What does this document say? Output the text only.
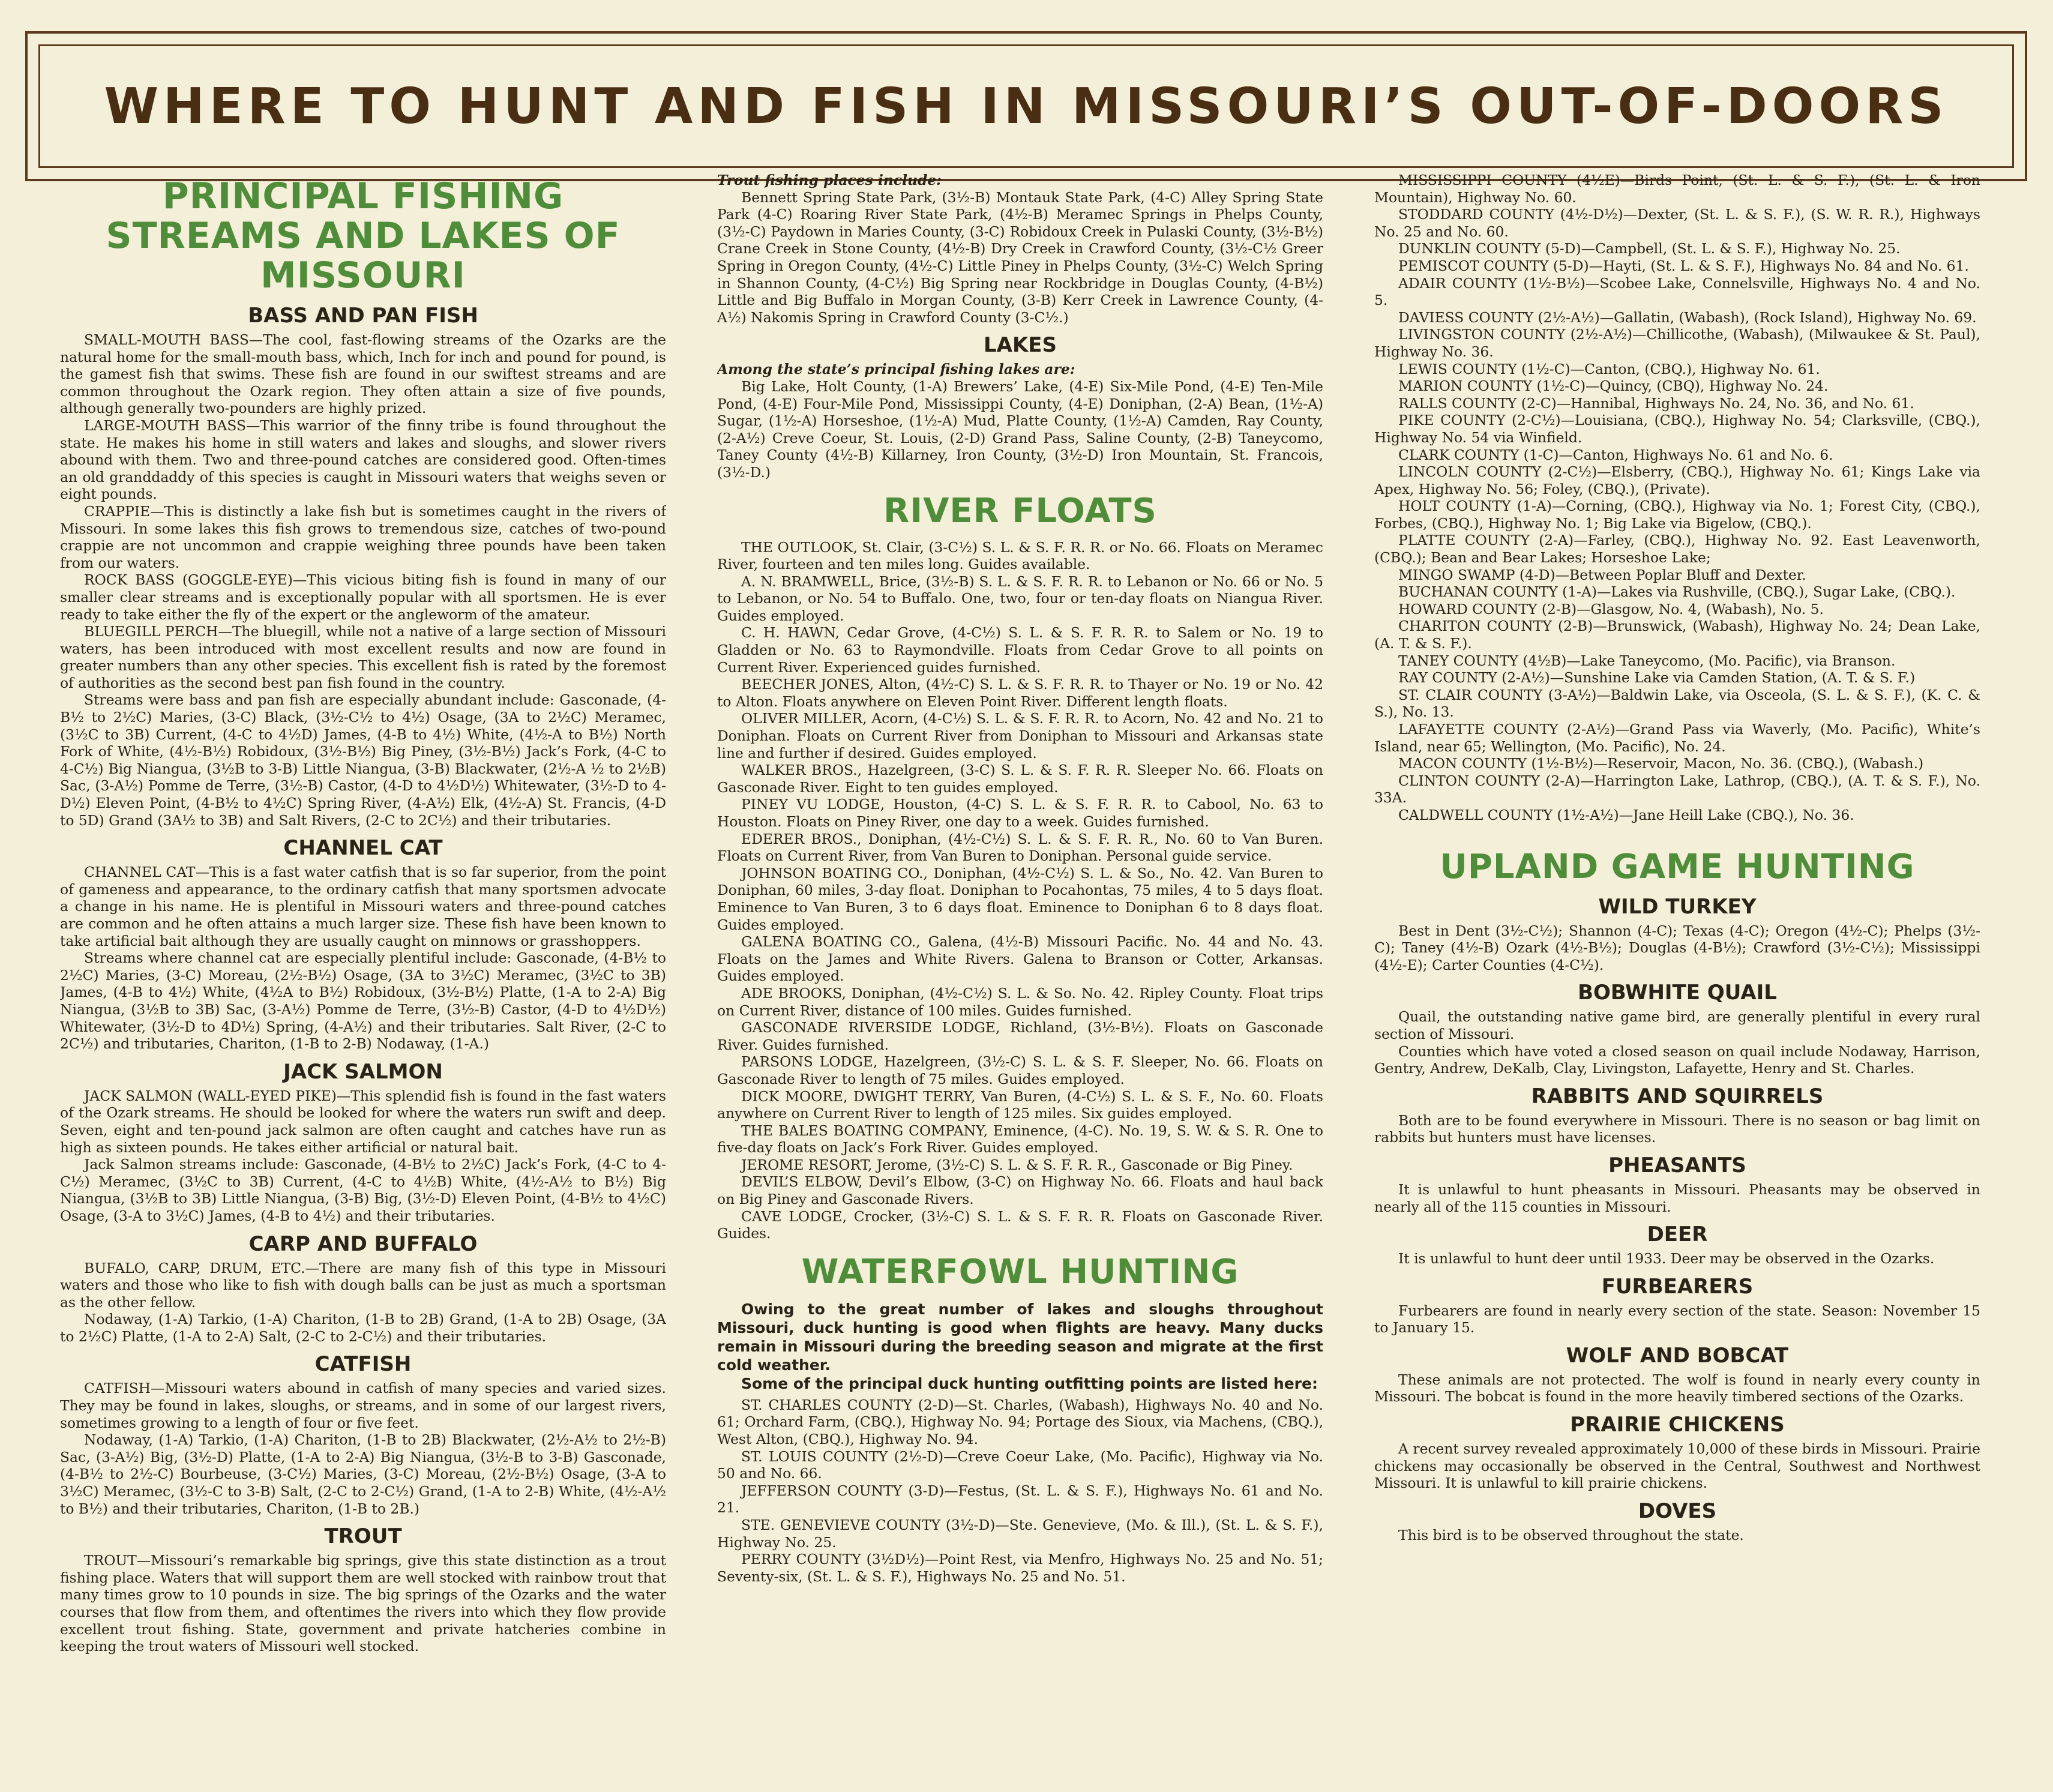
WHERE TO HUNT AND FISH IN MISSOURI’S OUT-OF-DOORS
PRINCIPAL FISHING STREAMS AND LAKES OF MISSOURI
BASS AND PAN FISH

SMALL-MOUTH BASS—The cool, fast-flowing streams of the Ozarks are the natural home for the small-mouth bass, which, Inch for inch and pound for pound, is the gamest fish that swims. These fish are found in our swiftest streams and are common throughout the Ozark region. They often attain a size of five pounds, although generally two-pounders are highly prized.

LARGE-MOUTH BASS—This warrior of the finny tribe is found throughout the state. He makes his home in still waters and lakes and sloughs, and slower rivers abound with them. Two and three-pound catches are considered good. Often-times an old granddaddy of this species is caught in Missouri waters that weighs seven or eight pounds.

CRAPPIE—This is distinctly a lake fish but is sometimes caught in the rivers of Missouri. In some lakes this fish grows to tremendous size, catches of two-pound crappie are not uncommon and crappie weighing three pounds have been taken from our waters.

ROCK BASS (GOGGLE-EYE)—This vicious biting fish is found in many of our smaller clear streams and is exceptionally popular with all sportsmen. He is ever ready to take either the fly of the expert or the angleworm of the amateur.

BLUEGILL PERCH—The bluegill, while not a native of a large section of Missouri waters, has been introduced with most excellent results and now are found in greater numbers than any other species. This excellent fish is rated by the foremost of authorities as the second best pan fish found in the country.

Streams were bass and pan fish are especially abundant include: Gasconade, (4-B½ to 2½C) Maries, (3-C) Black, (3½-C½ to 4½) Osage, (3A to 2½C) Meramec, (3½C to 3B) Current, (4-C to 4½D) James, (4-B to 4½) White, (4½-A to B½) North Fork of White, (4½-B½) Robidoux, (3½-B½) Big Piney, (3½-B½) Jack’s Fork, (4-C to 4-C½) Big Niangua, (3½B to 3-B) Little Niangua, (3-B) Blackwater, (2½-A ½ to 2½B) Sac, (3-A½) Pomme de Terre, (3½-B) Castor, (4-D to 4½D½) Whitewater, (3½-D to 4-D½) Eleven Point, (4-B½ to 4½C) Spring River, (4-A½) Elk, (4½-A) St. Francis, (4-D to 5D) Grand (3A½ to 3B) and Salt Rivers, (2-C to 2C½) and their tributaries.

CHANNEL CAT

CHANNEL CAT—This is a fast water catfish that is so far superior, from the point of gameness and appearance, to the ordinary catfish that many sportsmen advocate a change in his name. He is plentiful in Missouri waters and three-pound catches are common and he often attains a much larger size. These fish have been known to take artificial bait although they are usually caught on minnows or grasshoppers.

Streams where channel cat are especially plentiful include: Gasconade, (4-B½ to 2½C) Maries, (3-C) Moreau, (2½-B½) Osage, (3A to 3½C) Meramec, (3½C to 3B) James, (4-B to 4½) White, (4½A to B½) Robidoux, (3½-B½) Platte, (1-A to 2-A) Big Niangua, (3½B to 3B) Sac, (3-A½) Pomme de Terre, (3½-B) Castor, (4-D to 4½D½) Whitewater, (3½-D to 4D½) Spring, (4-A½) and their tributaries. Salt River, (2-C to 2C½) and tributaries, Chariton, (1-B to 2-B) Nodaway, (1-A.)

JACK SALMON

JACK SALMON (WALL-EYED PIKE)—This splendid fish is found in the fast waters of the Ozark streams. He should be looked for where the waters run swift and deep. Seven, eight and ten-pound jack salmon are often caught and catches have run as high as sixteen pounds. He takes either artificial or natural bait.

Jack Salmon streams include: Gasconade, (4-B½ to 2½C) Jack’s Fork, (4-C to 4-C½) Meramec, (3½C to 3B) Current, (4-C to 4½B) White, (4½-A½ to B½) Big Niangua, (3½B to 3B) Little Niangua, (3-B) Big, (3½-D) Eleven Point, (4-B½ to 4½C) Osage, (3-A to 3½C) James, (4-B to 4½) and their tributaries.

CARP AND BUFFALO

BUFALO, CARP, DRUM, ETC.—There are many fish of this type in Missouri waters and those who like to fish with dough balls can be just as much a sportsman as the other fellow.

Nodaway, (1-A) Tarkio, (1-A) Chariton, (1-B to 2B) Grand, (1-A to 2B) Osage, (3A to 2½C) Platte, (1-A to 2-A) Salt, (2-C to 2-C½) and their tributaries.

CATFISH

CATFISH—Missouri waters abound in catfish of many species and varied sizes. They may be found in lakes, sloughs, or streams, and in some of our largest rivers, sometimes growing to a length of four or five feet.

Nodaway, (1-A) Tarkio, (1-A) Chariton, (1-B to 2B) Blackwater, (2½-A½ to 2½-B) Sac, (3-A½) Big, (3½-D) Platte, (1-A to 2-A) Big Niangua, (3½-B to 3-B) Gasconade, (4-B½ to 2½-C) Bourbeuse, (3-C½) Maries, (3-C) Moreau, (2½-B½) Osage, (3-A to 3½C) Meramec, (3½-C to 3-B) Salt, (2-C to 2-C½) Grand, (1-A to 2-B) White, (4½-A½ to B½) and their tributaries, Chariton, (1-B to 2B.)

TROUT

TROUT—Missouri’s remarkable big springs, give this state distinction as a trout fishing place. Waters that will support them are well stocked with rainbow trout that many times grow to 10 pounds in size. The big springs of the Ozarks and the water courses that flow from them, and oftentimes the rivers into which they flow provide excellent trout fishing. State, government and private hatcheries combine in keeping the trout waters of Missouri well stocked.

Trout fishing places include:

Bennett Spring State Park, (3½-B) Montauk State Park, (4-C) Alley Spring State Park (4-C) Roaring River State Park, (4½-B) Meramec Springs in Phelps County, (3½-C) Paydown in Maries County, (3-C) Robidoux Creek in Pulaski County, (3½-B½) Crane Creek in Stone County, (4½-B) Dry Creek in Crawford County, (3½-C½ Greer Spring in Oregon County, (4½-C) Little Piney in Phelps County, (3½-C) Welch Spring in Shannon County, (4-C½) Big Spring near Rockbridge in Douglas County, (4-B½) Little and Big Buffalo in Morgan County, (3-B) Kerr Creek in Lawrence County, (4-A½) Nakomis Spring in Crawford County (3-C½.)

LAKES

Among the state’s principal fishing lakes are:

Big Lake, Holt County, (1-A) Brewers’ Lake, (4-E) Six-Mile Pond, (4-E) Ten-Mile Pond, (4-E) Four-Mile Pond, Mississippi County, (4-E) Doniphan, (2-A) Bean, (1½-A) Sugar, (1½-A) Horseshoe, (1½-A) Mud, Platte County, (1½-A) Camden, Ray County, (2-A½) Creve Coeur, St. Louis, (2-D) Grand Pass, Saline County, (2-B) Taneycomo, Taney County (4½-B) Killarney, Iron County, (3½-D) Iron Mountain, St. Francois, (3½-D.)

RIVER FLOATS

THE OUTLOOK, St. Clair, (3-C½) S. L. & S. F. R. R. or No. 66. Floats on Meramec River, fourteen and ten miles long. Guides available.

A. N. BRAMWELL, Brice, (3½-B) S. L. & S. F. R. R. to Lebanon or No. 66 or No. 5 to Lebanon, or No. 54 to Buffalo. One, two, four or ten-day floats on Niangua River. Guides employed.

C. H. HAWN, Cedar Grove, (4-C½) S. L. & S. F. R. R. to Salem or No. 19 to Gladden or No. 63 to Raymondville. Floats from Cedar Grove to all points on Current River. Experienced guides furnished.

BEECHER JONES, Alton, (4½-C) S. L. & S. F. R. R. to Thayer or No. 19 or No. 42 to Alton. Floats anywhere on Eleven Point River. Different length floats.

OLIVER MILLER, Acorn, (4-C½) S. L. & S. F. R. R. to Acorn, No. 42 and No. 21 to Doniphan. Floats on Current River from Doniphan to Missouri and Arkansas state line and further if desired. Guides employed.

WALKER BROS., Hazelgreen, (3-C) S. L. & S. F. R. R. Sleeper No. 66. Floats on Gasconade River. Eight to ten guides employed.

PINEY VU LODGE, Houston, (4-C) S. L. & S. F. R. R. to Cabool, No. 63 to Houston. Floats on Piney River, one day to a week. Guides furnished.

EDERER BROS., Doniphan, (4½-C½) S. L. & S. F. R. R., No. 60 to Van Buren. Floats on Current River, from Van Buren to Doniphan. Personal guide service.

JOHNSON BOATING CO., Doniphan, (4½-C½) S. L. & So., No. 42. Van Buren to Doniphan, 60 miles, 3-day float. Doniphan to Pocahontas, 75 miles, 4 to 5 days float. Eminence to Van Buren, 3 to 6 days float. Eminence to Doniphan 6 to 8 days float. Guides employed.

GALENA BOATING CO., Galena, (4½-B) Missouri Pacific. No. 44 and No. 43. Floats on the James and White Rivers. Galena to Branson or Cotter, Arkansas. Guides employed.

ADE BROOKS, Doniphan, (4½-C½) S. L. & So. No. 42. Ripley County. Float trips on Current River, distance of 100 miles. Guides furnished.

GASCONADE RIVERSIDE LODGE, Richland, (3½-B½). Floats on Gasconade River. Guides furnished.

PARSONS LODGE, Hazelgreen, (3½-C) S. L. & S. F. Sleeper, No. 66. Floats on Gasconade River to length of 75 miles. Guides employed.

DICK MOORE, DWIGHT TERRY, Van Buren, (4-C½) S. L. & S. F., No. 60. Floats anywhere on Current River to length of 125 miles. Six guides employed.

THE BALES BOATING COMPANY, Eminence, (4-C). No. 19, S. W. & S. R. One to five-day floats on Jack’s Fork River. Guides employed.

JEROME RESORT, Jerome, (3½-C) S. L. & S. F. R. R., Gasconade or Big Piney.

DEVIL’S ELBOW, Devil’s Elbow, (3-C) on Highway No. 66. Floats and haul back on Big Piney and Gasconade Rivers.

CAVE LODGE, Crocker, (3½-C) S. L. & S. F. R. R. Floats on Gasconade River. Guides.

WATERFOWL HUNTING

Owing to the great number of lakes and sloughs throughout Missouri, duck hunting is good when flights are heavy. Many ducks remain in Missouri during the breeding season and migrate at the first cold weather.

Some of the principal duck hunting outfitting points are listed here:

ST. CHARLES COUNTY (2-D)—St. Charles, (Wabash), Highways No. 40 and No. 61; Orchard Farm, (CBQ.), Highway No. 94; Portage des Sioux, via Machens, (CBQ.), West Alton, (CBQ.), Highway No. 94.

ST. LOUIS COUNTY (2½-D)—Creve Coeur Lake, (Mo. Pacific), Highway via No. 50 and No. 66.

JEFFERSON COUNTY (3-D)—Festus, (St. L. & S. F.), Highways No. 61 and No. 21.

STE. GENEVIEVE COUNTY (3½-D)—Ste. Genevieve, (Mo. & Ill.), (St. L. & S. F.), Highway No. 25.

PERRY COUNTY (3½D½)—Point Rest, via Menfro, Highways No. 25 and No. 51; Seventy-six, (St. L. & S. F.), Highways No. 25 and No. 51.

MISSISSIPPI COUNTY (4½E)—Birds Point, (St. L. & S. F.), (St. L. & Iron Mountain), Highway No. 60.

STODDARD COUNTY (4½-D½)—Dexter, (St. L. & S. F.), (S. W. R. R.), Highways No. 25 and No. 60.

DUNKLIN COUNTY (5-D)—Campbell, (St. L. & S. F.), Highway No. 25.

PEMISCOT COUNTY (5-D)—Hayti, (St. L. & S. F.), Highways No. 84 and No. 61.

ADAIR COUNTY (1½-B½)—Scobee Lake, Connelsville, Highways No. 4 and No. 5.

DAVIESS COUNTY (2½-A½)—Gallatin, (Wabash), (Rock Island), Highway No. 69.

LIVINGSTON COUNTY (2½-A½)—Chillicothe, (Wabash), (Milwaukee & St. Paul), Highway No. 36.

LEWIS COUNTY (1½-C)—Canton, (CBQ.), Highway No. 61.

MARION COUNTY (1½-C)—Quincy, (CBQ), Highway No. 24.

RALLS COUNTY (2-C)—Hannibal, Highways No. 24, No. 36, and No. 61.

PIKE COUNTY (2-C½)—Louisiana, (CBQ.), Highway No. 54; Clarksville, (CBQ.), Highway No. 54 via Winfield.

CLARK COUNTY (1-C)—Canton, Highways No. 61 and No. 6.

LINCOLN COUNTY (2-C½)—Elsberry, (CBQ.), Highway No. 61; Kings Lake via Apex, Highway No. 56; Foley, (CBQ.), (Private).

HOLT COUNTY (1-A)—Corning, (CBQ.), Highway via No. 1; Forest City, (CBQ.), Forbes, (CBQ.), Highway No. 1; Big Lake via Bigelow, (CBQ.).

PLATTE COUNTY (2-A)—Farley, (CBQ.), Highway No. 92. East Leavenworth, (CBQ.); Bean and Bear Lakes; Horseshoe Lake;

MINGO SWAMP (4-D)—Between Poplar Bluff and Dexter.

BUCHANAN COUNTY (1-A)—Lakes via Rushville, (CBQ.), Sugar Lake, (CBQ.).

HOWARD COUNTY (2-B)—Glasgow, No. 4, (Wabash), No. 5.

CHARITON COUNTY (2-B)—Brunswick, (Wabash), Highway No. 24; Dean Lake, (A. T. & S. F.).

TANEY COUNTY (4½B)—Lake Taneycomo, (Mo. Pacific), via Branson.

RAY COUNTY (2-A½)—Sunshine Lake via Camden Station, (A. T. & S. F.)

ST. CLAIR COUNTY (3-A½)—Baldwin Lake, via Osceola, (S. L. & S. F.), (K. C. & S.), No. 13.

LAFAYETTE COUNTY (2-A½)—Grand Pass via Waverly, (Mo. Pacific), White’s Island, near 65; Wellington, (Mo. Pacific), No. 24.

MACON COUNTY (1½-B½)—Reservoir, Macon, No. 36. (CBQ.), (Wabash.)

CLINTON COUNTY (2-A)—Harrington Lake, Lathrop, (CBQ.), (A. T. & S. F.), No. 33A.

CALDWELL COUNTY (1½-A½)—Jane Heill Lake (CBQ.), No. 36.

UPLAND GAME HUNTING
WILD TURKEY

Best in Dent (3½-C½); Shannon (4-C); Texas (4-C); Oregon (4½-C); Phelps (3½-C); Taney (4½-B) Ozark (4½-B½); Douglas (4-B½); Crawford (3½-C½); Mississippi (4½-E); Carter Counties (4-C½).

BOBWHITE QUAIL

Quail, the outstanding native game bird, are generally plentiful in every rural section of Missouri.

Counties which have voted a closed season on quail include Nodaway, Harrison, Gentry, Andrew, DeKalb, Clay, Livingston, Lafayette, Henry and St. Charles.

RABBITS AND SQUIRRELS

Both are to be found everywhere in Missouri. There is no season or bag limit on rabbits but hunters must have licenses.

PHEASANTS

It is unlawful to hunt pheasants in Missouri. Pheasants may be observed in nearly all of the 115 counties in Missouri.

DEER

It is unlawful to hunt deer until 1933. Deer may be observed in the Ozarks.

FURBEARERS

Furbearers are found in nearly every section of the state. Season: November 15 to January 15.

WOLF AND BOBCAT

These animals are not protected. The wolf is found in nearly every county in Missouri. The bobcat is found in the more heavily timbered sections of the Ozarks.

PRAIRIE CHICKENS

A recent survey revealed approximately 10,000 of these birds in Missouri. Prairie chickens may occasionally be observed in the Central, Southwest and Northwest Missouri. It is unlawful to kill prairie chickens.

DOVES

This bird is to be observed throughout the state.
